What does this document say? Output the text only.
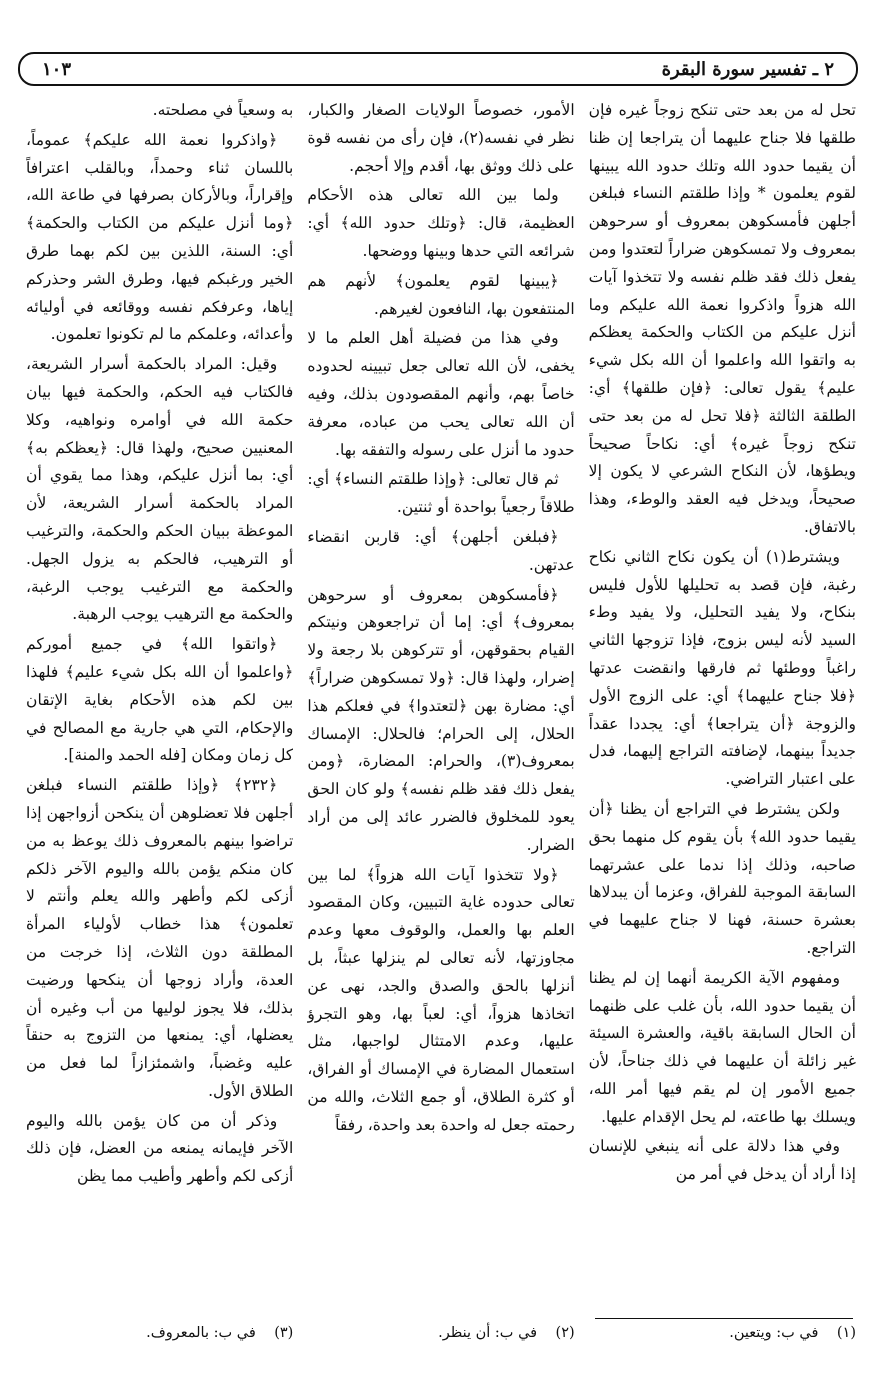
٢ ـ تفسير سورة البقرة
١٠٣

تحل له من بعد حتى تنكح زوجاً غيره فإن طلقها فلا جناح عليهما أن يتراجعا إن ظنا أن يقيما حدود الله وتلك حدود الله يبينها لقوم يعلمون * وإذا طلقتم النساء فبلغن أجلهن فأمسكوهن بمعروف أو سرحوهن بمعروف ولا تمسكوهن ضراراً لتعتدوا ومن يفعل ذلك فقد ظلم نفسه ولا تتخذوا آيات الله هزواً واذكروا نعمة الله عليكم وما أنزل عليكم من الكتاب والحكمة يعظكم به واتقوا الله واعلموا أن الله بكل شيء عليم﴾ يقول تعالى: ﴿فإن طلقها﴾ أي: الطلقة الثالثة ﴿فلا تحل له من بعد حتى تنكح زوجاً غيره﴾ أي: نكاحاً صحيحاً ويطؤها، لأن النكاح الشرعي لا يكون إلا صحيحاً، ويدخل فيه العقد والوطء، وهذا بالاتفاق.

ويشترط(١) أن يكون نكاح الثاني نكاح رغبة، فإن قصد به تحليلها للأول فليس بنكاح، ولا يفيد التحليل، ولا يفيد وطء السيد لأنه ليس بزوج، فإذا تزوجها الثاني راغباً ووطئها ثم فارقها وانقضت عدتها ﴿فلا جناح عليهما﴾ أي: على الزوج الأول والزوجة ﴿أن يتراجعا﴾ أي: يجددا عقداً جديداً بينهما، لإضافته التراجع إليهما، فدل على اعتبار التراضي.

ولكن يشترط في التراجع أن يظنا ﴿أن يقيما حدود الله﴾ بأن يقوم كل منهما بحق صاحبه، وذلك إذا ندما على عشرتهما السابقة الموجبة للفراق، وعزما أن يبدلاها بعشرة حسنة، فهنا لا جناح عليهما في التراجع.

ومفهوم الآية الكريمة أنهما إن لم يظنا أن يقيما حدود الله، بأن غلب على ظنهما أن الحال السابقة باقية، والعشرة السيئة غير زائلة أن عليهما في ذلك جناحاً، لأن جميع الأمور إن لم يقم فيها أمر الله، ويسلك بها طاعته، لم يحل الإقدام عليها.

وفي هذا دلالة على أنه ينبغي للإنسان إذا أراد أن يدخل في أمر من

الأمور، خصوصاً الولايات الصغار والكبار، نظر في نفسه(٢)، فإن رأى من نفسه قوة على ذلك ووثق بها، أقدم وإلا أحجم.

ولما بين الله تعالى هذه الأحكام العظيمة، قال: ﴿وتلك حدود الله﴾ أي: شرائعه التي حدها وبينها ووضحها.

﴿يبينها لقوم يعلمون﴾ لأنهم هم المنتفعون بها، النافعون لغيرهم.

وفي هذا من فضيلة أهل العلم ما لا يخفى، لأن الله تعالى جعل تبيينه لحدوده خاصاً بهم، وأنهم المقصودون بذلك، وفيه أن الله تعالى يحب من عباده، معرفة حدود ما أنزل على رسوله والتفقه بها.

ثم قال تعالى: ﴿وإذا طلقتم النساء﴾ أي: طلاقاً رجعياً بواحدة أو ثنتين.

﴿فبلغن أجلهن﴾ أي: قاربن انقضاء عدتهن.

﴿فأمسكوهن بمعروف أو سرحوهن بمعروف﴾ أي: إما أن تراجعوهن ونيتكم القيام بحقوقهن، أو تتركوهن بلا رجعة ولا إضرار، ولهذا قال: ﴿ولا تمسكوهن ضراراً﴾ أي: مضارة بهن ﴿لتعتدوا﴾ في فعلكم هذا الحلال، إلى الحرام؛ فالحلال: الإمساك بمعروف(٣)، والحرام: المضارة، ﴿ومن يفعل ذلك فقد ظلم نفسه﴾ ولو كان الحق يعود للمخلوق فالضرر عائد إلى من أراد الضرار.

﴿ولا تتخذوا آيات الله هزواً﴾ لما بين تعالى حدوده غاية التبيين، وكان المقصود العلم بها والعمل، والوقوف معها وعدم مجاوزتها، لأنه تعالى لم ينزلها عبثاً، بل أنزلها بالحق والصدق والجد، نهى عن اتخاذها هزواً، أي: لعباً بها، وهو التجرؤ عليها، وعدم الامتثال لواجبها، مثل استعمال المضارة في الإمساك أو الفراق، أو كثرة الطلاق، أو جمع الثلاث، والله من رحمته جعل له واحدة بعد واحدة، رفقاً

به وسعياً في مصلحته.

﴿واذكروا نعمة الله عليكم﴾ عموماً، باللسان ثناء وحمداً، وبالقلب اعترافاً وإقراراً، وبالأركان بصرفها في طاعة الله، ﴿وما أنزل عليكم من الكتاب والحكمة﴾ أي: السنة، اللذين بين لكم بهما طرق الخير ورغبكم فيها، وطرق الشر وحذركم إياها، وعرفكم نفسه ووقائعه في أوليائه وأعدائه، وعلمكم ما لم تكونوا تعلمون.

وقيل: المراد بالحكمة أسرار الشريعة، فالكتاب فيه الحكم، والحكمة فيها بيان حكمة الله في أوامره ونواهيه، وكلا المعنيين صحيح، ولهذا قال: ﴿يعظكم به﴾ أي: بما أنزل عليكم، وهذا مما يقوي أن المراد بالحكمة أسرار الشريعة، لأن الموعظة ببيان الحكم والحكمة، والترغيب أو الترهيب، فالحكم به يزول الجهل. والحكمة مع الترغيب يوجب الرغبة، والحكمة مع الترهيب يوجب الرهبة.

﴿واتقوا الله﴾ في جميع أموركم ﴿واعلموا أن الله بكل شيء عليم﴾ فلهذا بين لكم هذه الأحكام بغاية الإتقان والإحكام، التي هي جارية مع المصالح في كل زمان ومكان [فله الحمد والمنة].

﴿٢٣٢﴾ ﴿وإذا طلقتم النساء فبلغن أجلهن فلا تعضلوهن أن ينكحن أزواجهن إذا تراضوا بينهم بالمعروف ذلك يوعظ به من كان منكم يؤمن بالله واليوم الآخر ذلكم أزكى لكم وأطهر والله يعلم وأنتم لا تعلمون﴾ هذا خطاب لأولياء المرأة المطلقة دون الثلاث، إذا خرجت من العدة، وأراد زوجها أن ينكحها ورضيت بذلك، فلا يجوز لوليها من أب وغيره أن يعضلها، أي: يمنعها من التزوج به حنقاً عليه وغضباً، واشمئزازاً لما فعل من الطلاق الأول.

وذكر أن من كان يؤمن بالله واليوم الآخر فإيمانه يمنعه من العضل، فإن ذلك أزكى لكم وأطهر وأطيب مما يظن

(١)    في ب: ويتعين.
(٢)    في ب: أن ينظر.
(٣)    في ب: بالمعروف.
